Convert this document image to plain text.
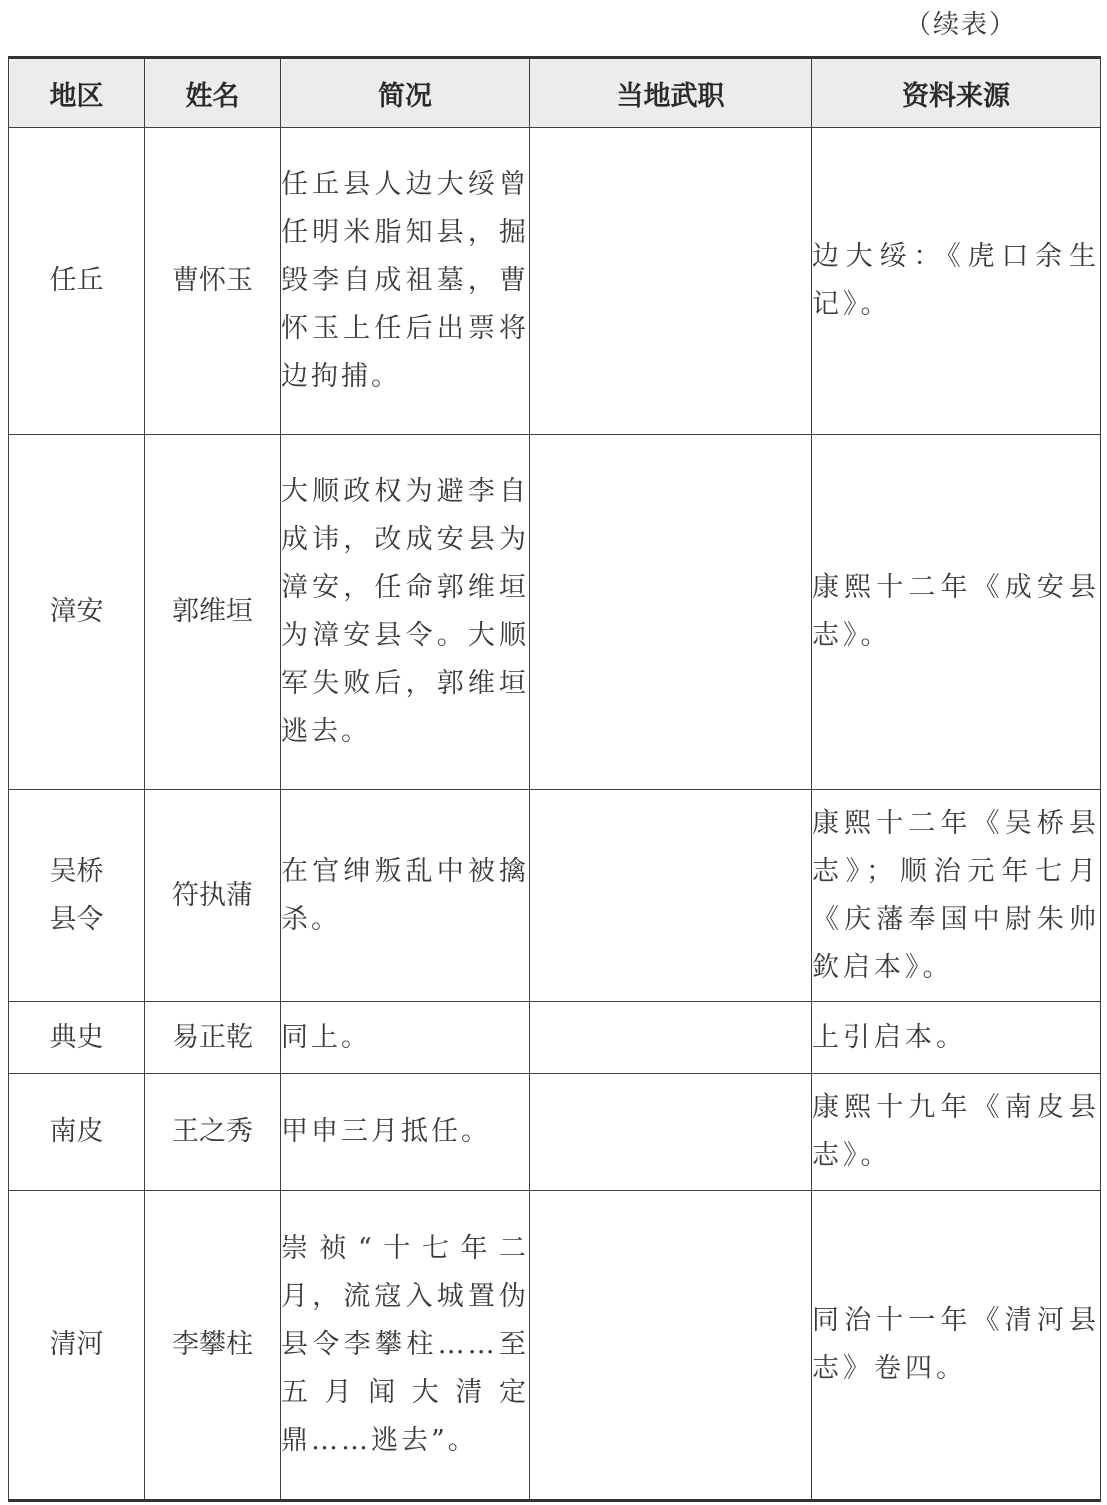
（续表）
地区	姓名	简况	当地武职	资料来源
任丘	曹怀玉	任丘县人边大绥曾任明米脂知县，掘毁李自成祖墓，曹怀玉上任后出票将边拘捕。		边大绥：《虎口余生记》。
漳安	郭维垣	大顺政权为避李自成讳，改成安县为漳安，任命郭维垣为漳安县令。大顺军失败后，郭维垣逃去。		康熙十二年《成安县志》。
吴桥县令	符执蒲	在官绅叛乱中被擒杀。		康熙十二年《吴桥县志》；顺治元年七月《庆藩奉国中尉朱帅欽启本》。
典史	易正乾	同上。		上引启本。
南皮	王之秀	甲申三月抵任。		康熙十九年《南皮县志》。
清河	李攀柱	崇祯“十七年二月，流寇入城置伪县令李攀柱……至五月闻大清定鼎……逃去”。		同治十一年《清河县志》卷四。
